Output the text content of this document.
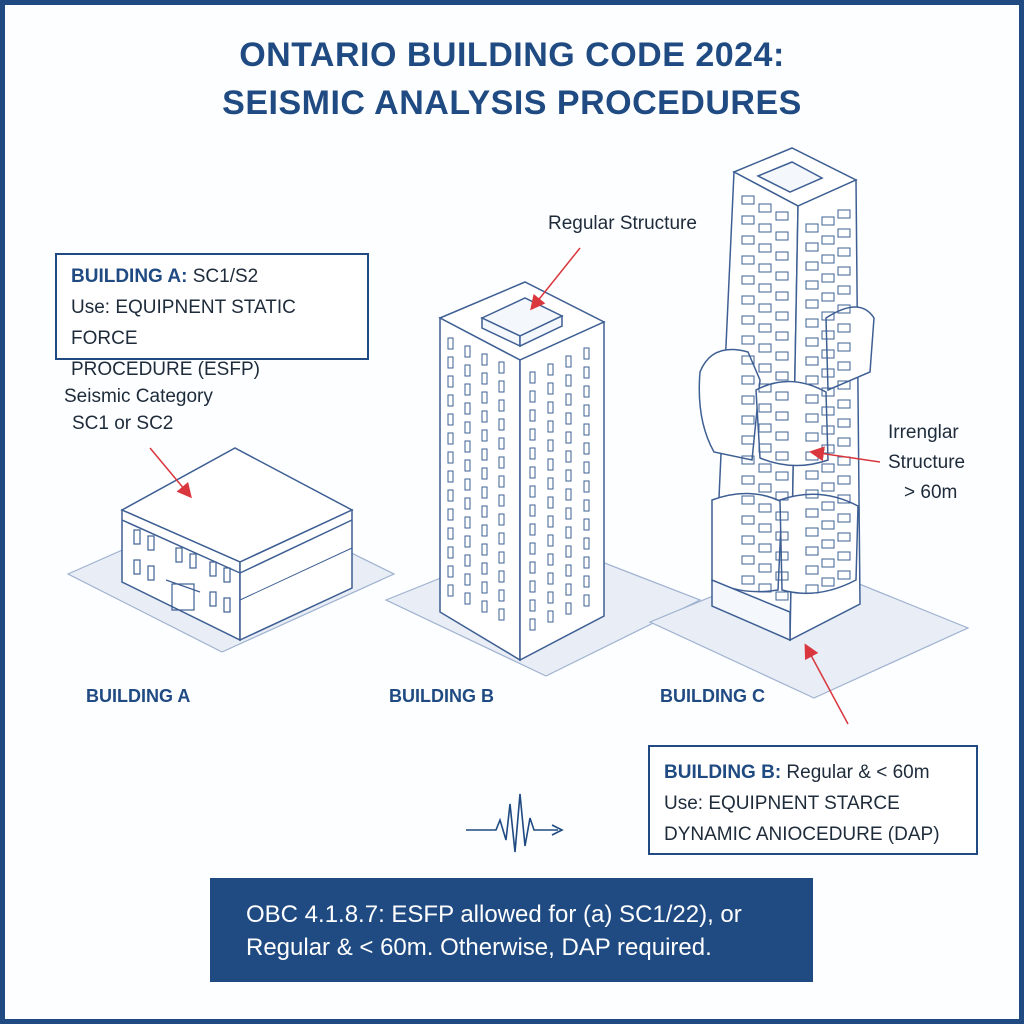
ONTARIO BUILDING CODE 2024:
SEISMIC ANALYSIS PROCEDURES
BUILDING A: SC1/S2
Use: EQUIPNENT STATIC FORCE
PROCEDURE (ESFP)
Seismic Category
SC1 or SC2
Regular Structure
Irrenglar
Structure
> 60m
BUILDING A	BUILDING B	BUILDING C
BUILDING B: Regular & < 60m
Use: EQUIPNENT STARCE
DYNAMIC ANIOCEDURE (DAP)
OBC 4.1.8.7: ESFP allowed for (a) SC1/22), or
Regular & < 60m. Otherwise, DAP required.
